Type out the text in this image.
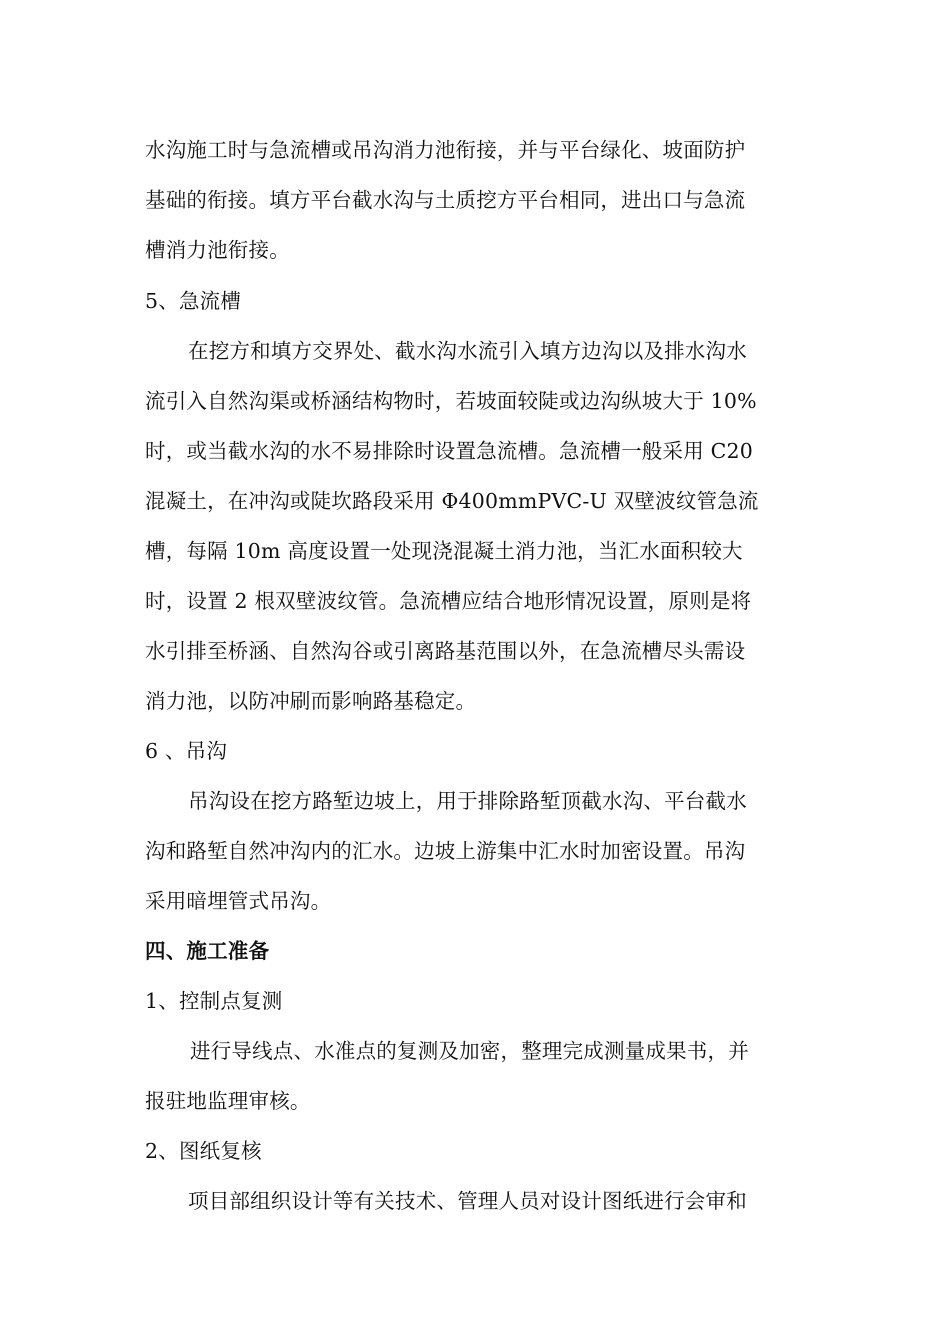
水沟施工时与急流槽或吊沟消力池衔接，并与平台绿化、坡面防护

基础的衔接。填方平台截水沟与土质挖方平台相同，进出口与急流

槽消力池衔接。

5、急流槽

在挖方和填方交界处、截水沟水流引入填方边沟以及排水沟水

流引入自然沟渠或桥涵结构物时，若坡面较陡或边沟纵坡大于 10%

时，或当截水沟的水不易排除时设置急流槽。急流槽一般采用 C20

混凝土，在冲沟或陡坎路段采用 Φ400mmPVC-U 双壁波纹管急流

槽，每隔 10m 高度设置一处现浇混凝土消力池，当汇水面积较大

时，设置 2 根双壁波纹管。急流槽应结合地形情况设置，原则是将

水引排至桥涵、自然沟谷或引离路基范围以外，在急流槽尽头需设

消力池，以防冲刷而影响路基稳定。

6 、吊沟

吊沟设在挖方路堑边坡上，用于排除路堑顶截水沟、平台截水

沟和路堑自然冲沟内的汇水。边坡上游集中汇水时加密设置。吊沟

采用暗埋管式吊沟。

四、施工准备

1、控制点复测

进行导线点、水准点的复测及加密，整理完成测量成果书，并

报驻地监理审核。

2、图纸复核

项目部组织设计等有关技术、管理人员对设计图纸进行会审和
